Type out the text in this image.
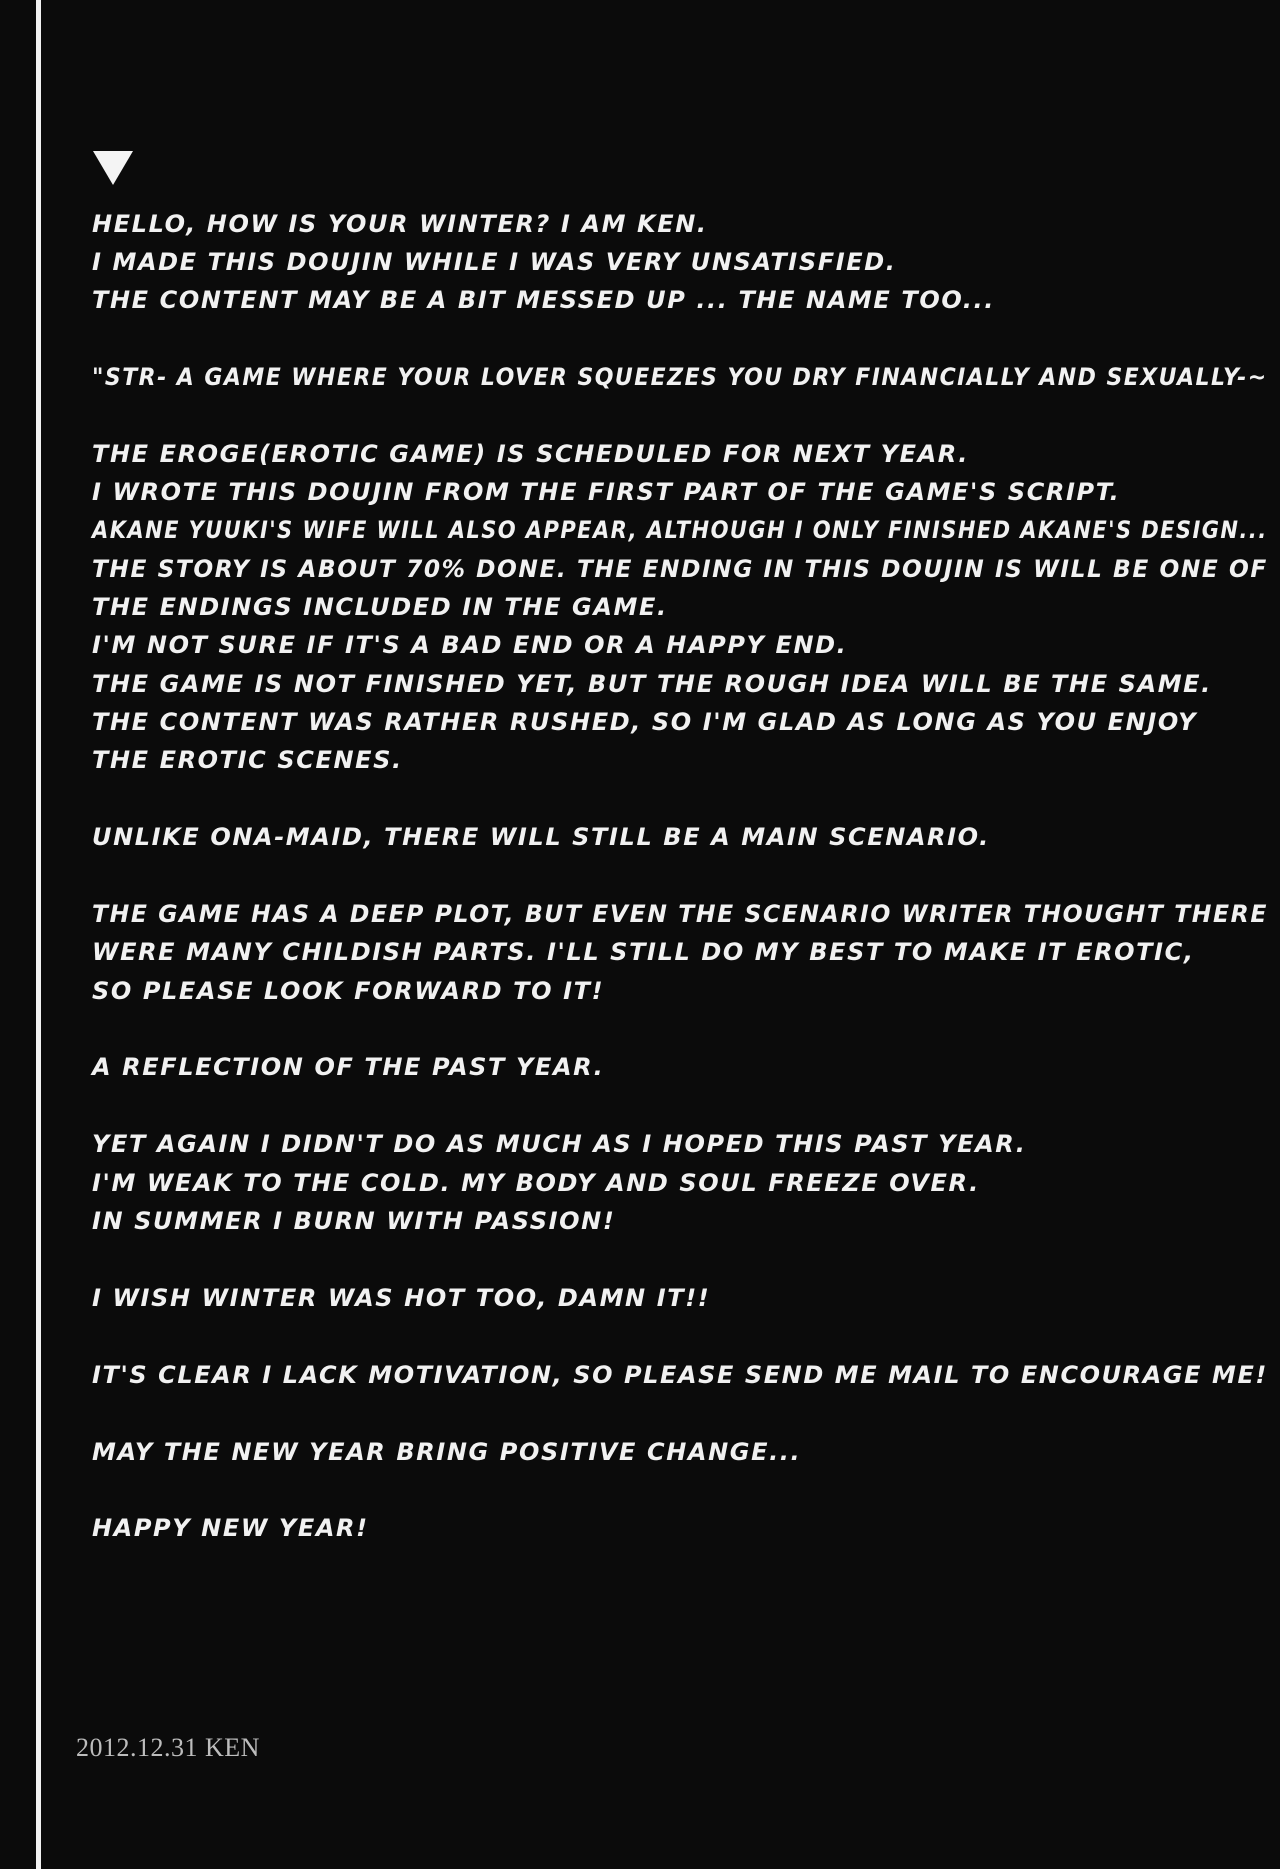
HELLO, HOW IS YOUR WINTER? I AM KEN.

I MADE THIS DOUJIN WHILE I WAS VERY UNSATISFIED.

THE CONTENT MAY BE A BIT MESSED UP ... THE NAME TOO...

"STR- A GAME WHERE YOUR LOVER SQUEEZES YOU DRY FINANCIALLY AND SEXUALLY-~

THE EROGE(EROTIC GAME) IS SCHEDULED FOR NEXT YEAR.

I WROTE THIS DOUJIN FROM THE FIRST PART OF THE GAME'S SCRIPT.

AKANE YUUKI'S WIFE WILL ALSO APPEAR, ALTHOUGH I ONLY FINISHED AKANE'S DESIGN...

THE STORY IS ABOUT 70% DONE. THE ENDING IN THIS DOUJIN IS WILL BE ONE OF

THE ENDINGS INCLUDED IN THE GAME.

I'M NOT SURE IF IT'S A BAD END OR A HAPPY END.

THE GAME IS NOT FINISHED YET, BUT THE ROUGH IDEA WILL BE THE SAME.

THE CONTENT WAS RATHER RUSHED, SO I'M GLAD AS LONG AS YOU ENJOY

THE EROTIC SCENES.

UNLIKE ONA-MAID, THERE WILL STILL BE A MAIN SCENARIO.

THE GAME HAS A DEEP PLOT, BUT EVEN THE SCENARIO WRITER THOUGHT THERE

WERE MANY CHILDISH PARTS. I'LL STILL DO MY BEST TO MAKE IT EROTIC,

SO PLEASE LOOK FORWARD TO IT!

A REFLECTION OF THE PAST YEAR.

YET AGAIN I DIDN'T DO AS MUCH AS I HOPED THIS PAST YEAR.

I'M WEAK TO THE COLD. MY BODY AND SOUL FREEZE OVER.

IN SUMMER I BURN WITH PASSION!

I WISH WINTER WAS HOT TOO, DAMN IT!!

IT'S CLEAR I LACK MOTIVATION, SO PLEASE SEND ME MAIL TO ENCOURAGE ME!

MAY THE NEW YEAR BRING POSITIVE CHANGE...

HAPPY NEW YEAR!

2012.12.31 KEN
